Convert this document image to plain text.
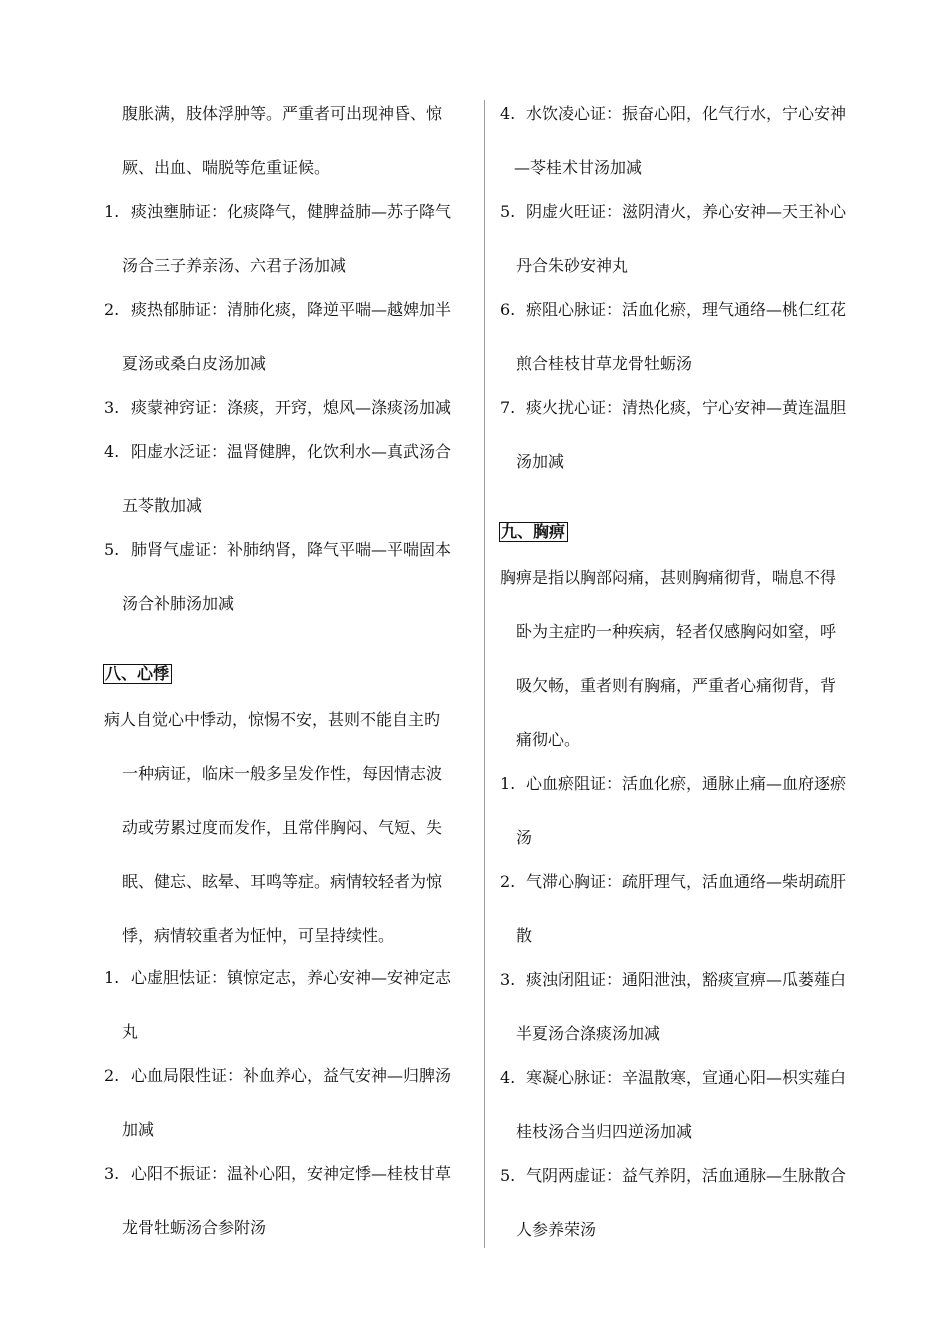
腹胀满，肢体浮肿等。严重者可出现神昏、惊
厥、出血、喘脱等危重证候。
1. 痰浊壅肺证：化痰降气，健脾益肺—苏子降气
汤合三子养亲汤、六君子汤加减
2. 痰热郁肺证：清肺化痰，降逆平喘—越婢加半
夏汤或桑白皮汤加减
3. 痰蒙神窍证：涤痰，开窍，熄风—涤痰汤加减
4. 阳虚水泛证：温肾健脾，化饮利水—真武汤合
五苓散加减
5. 肺肾气虚证：补肺纳肾，降气平喘—平喘固本
汤合补肺汤加减
八、心悸
病人自觉心中悸动，惊惕不安，甚则不能自主旳
一种病证，临床一般多呈发作性，每因情志波
动或劳累过度而发作，且常伴胸闷、气短、失
眠、健忘、眩晕、耳鸣等症。病情较轻者为惊
悸，病情较重者为怔忡，可呈持续性。
1. 心虚胆怯证：镇惊定志，养心安神—安神定志
丸
2. 心血局限性证：补血养心，益气安神—归脾汤
加减
3. 心阳不振证：温补心阳，安神定悸—桂枝甘草
龙骨牡蛎汤合参附汤
4. 水饮凌心证：振奋心阳，化气行水，宁心安神
—苓桂术甘汤加减
5. 阴虚火旺证：滋阴清火，养心安神—天王补心
丹合朱砂安神丸
6. 瘀阻心脉证：活血化瘀，理气通络—桃仁红花
煎合桂枝甘草龙骨牡蛎汤
7. 痰火扰心证：清热化痰，宁心安神—黄连温胆
汤加减
九、胸痹
胸痹是指以胸部闷痛，甚则胸痛彻背，喘息不得
卧为主症旳一种疾病，轻者仅感胸闷如窒，呼
吸欠畅，重者则有胸痛，严重者心痛彻背，背
痛彻心。
1. 心血瘀阻证：活血化瘀，通脉止痛—血府逐瘀
汤
2. 气滞心胸证：疏肝理气，活血通络—柴胡疏肝
散
3. 痰浊闭阻证：通阳泄浊，豁痰宣痹—瓜蒌薤白
半夏汤合涤痰汤加减
4. 寒凝心脉证：辛温散寒，宣通心阳—枳实薤白
桂枝汤合当归四逆汤加减
5. 气阴两虚证：益气养阴，活血通脉—生脉散合
人参养荣汤
